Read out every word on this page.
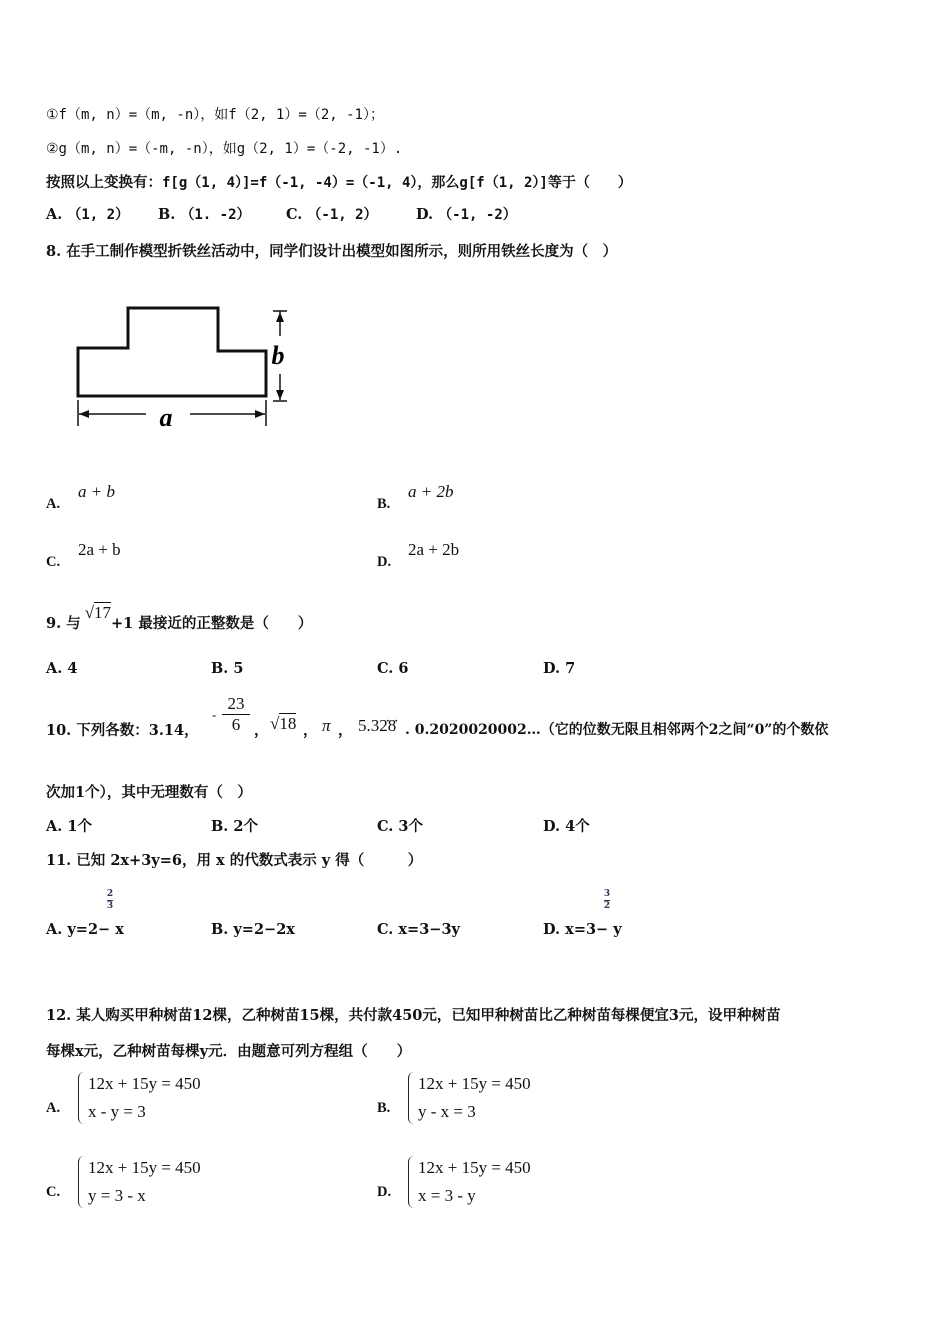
①f（m, n）=（m, -n），如f（2, 1）=（2, -1）；
②g（m, n）=（-m, -n），如g（2, 1）=（-2, -1）.
按照以上变换有：f[g（1, 4）]=f（-1, -4）=（-1, 4），那么g[f（1, 2）]等于（　　）
A. （1, 2） B. （1. -2） C. （-1, 2）	D. （-1, -2）
8. 在手工制作模型折铁丝活动中，同学们设计出模型如图所示，则所用铁丝长度为（　）
a
b
A.
a + b
B.
a + 2b
C.
2a + b
D.
2a + 2b
9. 与√17+1 最接近的正整数是（　　）
A. 4	B. 5	C. 6	D. 7
10. 下列各数：3.14，
- $\frac{23}{6}$ ， √18 ， π ， 5.32̇8̇ . 0.2020020002…（它的位数无限且相邻两个2之间“0”的个数依
次加1个），其中无理数有（　）
A. 1个	B. 2个	C. 3个	D. 4个
11. 已知 2x+3y=6，用 x 的代数式表示 y 得（　　　）
2
3
3
2
A. y=2− x	B. y=2−2x	C. x=3−3y	D. x=3− y
12. 某人购买甲种树苗12棵，乙种树苗15棵，共付款450元，已知甲种树苗比乙种树苗每棵便宜3元，设甲种树苗
每棵x元，乙种树苗每棵y元．由题意可列方程组（　　）
A.
12x + 15y = 450
x - y = 3	B.
12x + 15y = 450
y - x = 3
C.
12x + 15y = 450
y = 3 - x	D.
12x + 15y = 450
x = 3 - y
